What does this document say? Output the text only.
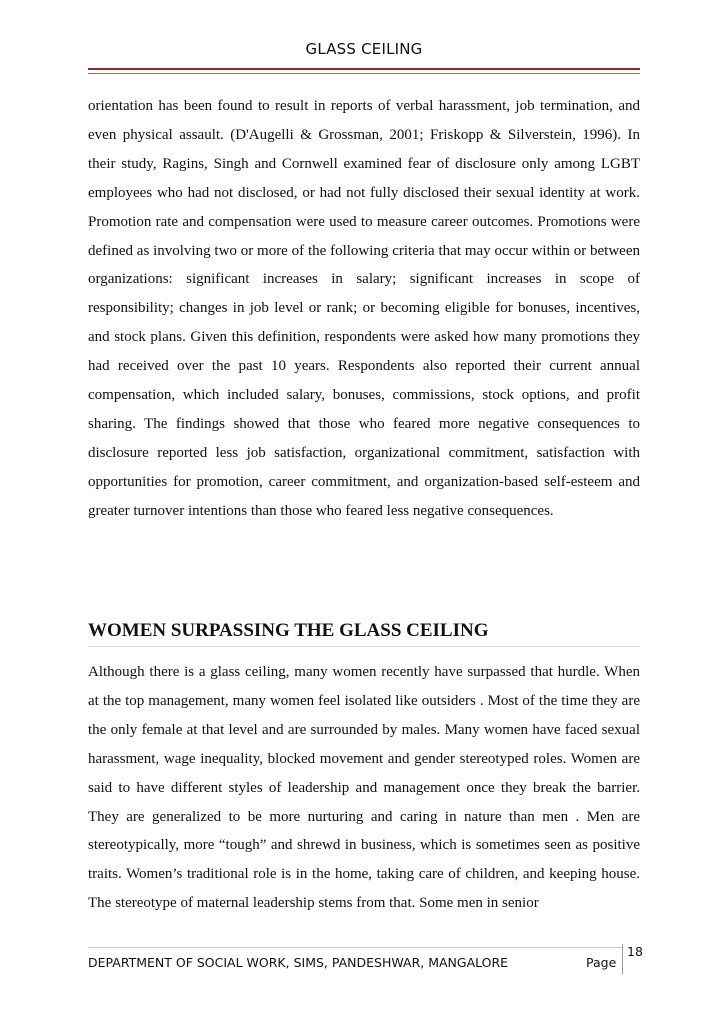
GLASS CEILING

orientation has been found to result in reports of verbal harassment, job termination, and even physical assault. (D'Augelli & Grossman, 2001; Friskopp & Silverstein, 1996). In their study, Ragins, Singh and Cornwell examined fear of disclosure only among LGBT employees who had not disclosed, or had not fully disclosed their sexual identity at work. Promotion rate and compensation were used to measure career outcomes. Promotions were defined as involving two or more of the following criteria that may occur within or between organizations: significant increases in salary; significant increases in scope of responsibility; changes in job level or rank; or becoming eligible for bonuses, incentives, and stock plans. Given this definition, respondents were asked how many promotions they had received over the past 10 years. Respondents also reported their current annual compensation, which included salary, bonuses, commissions, stock options, and profit sharing. The findings showed that those who feared more negative consequences to disclosure reported less job satisfaction, organizational commitment, satisfaction with opportunities for promotion, career commitment, and organization-based self-esteem and greater turnover intentions than those who feared less negative consequences.

WOMEN SURPASSING THE GLASS CEILING

Although there is a glass ceiling, many women recently have surpassed that hurdle. When at the top management, many women feel isolated like outsiders . Most of the time they are the only female at that level and are surrounded by males. Many women have faced sexual harassment, wage inequality, blocked movement and gender stereotyped roles. Women are said to have different styles of leadership and management once they break the barrier. They are generalized to be more nurturing and caring in nature than men . Men are stereotypically, more “tough” and shrewd in business, which is sometimes seen as positive traits. Women’s traditional role is in the home, taking care of children, and keeping house. The stereotype of maternal leadership stems from that. Some men in senior

DEPARTMENT OF SOCIAL WORK, SIMS, PANDESHWAR, MANGALORE	Page
18
